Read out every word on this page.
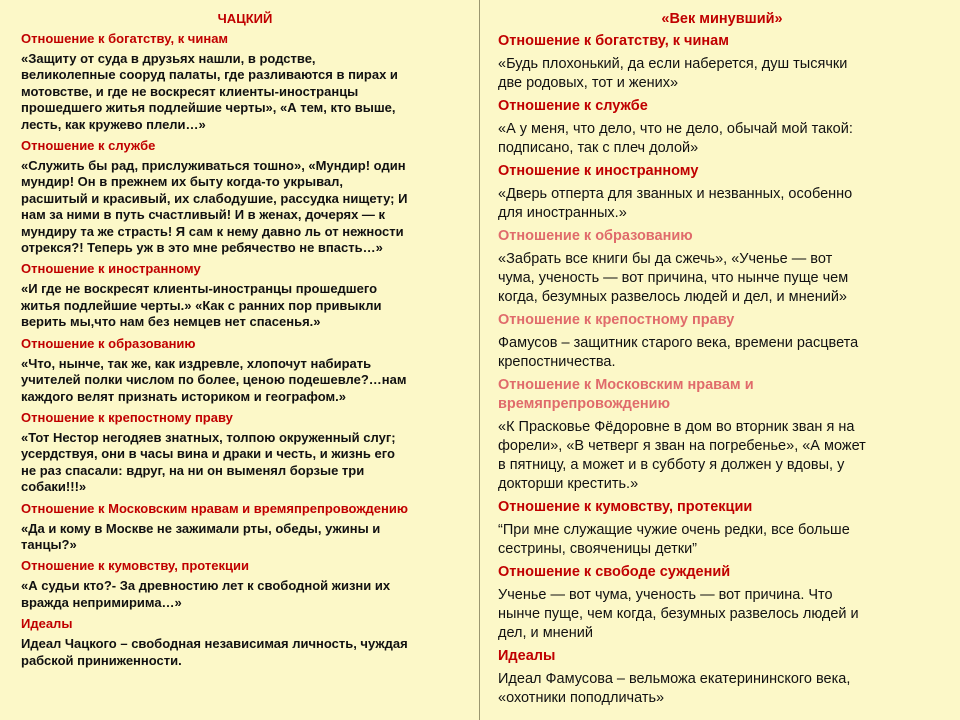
ЧАЦКИЙ
Отношение к богатству, к чинам
«Защиту от суда в друзьях нашли, в родстве,
великолепные сооруд палаты, где разливаются в пирах и
мотовстве, и где не воскресят клиенты-иностранцы
прошедшего житья подлейшие черты», «А тем, кто выше,
лесть, как кружево плели…»
Отношение к службе
«Служить бы рад, прислуживаться тошно», «Мундир! один
мундир! Он в прежнем их быту когда-то укрывал,
расшитый и красивый, их слабодушие, рассудка нищету; И
нам за ними в путь счастливый! И в женах, дочерях — к
мундиру та же страсть! Я сам к нему давно ль от нежности
отрекся?! Теперь уж в это мне ребячество не впасть…»
Отношение к иностранному
«И где не воскресят клиенты-иностранцы прошедшего
житья подлейшие черты.» «Как с ранних пор привыкли
верить мы,что нам без немцев нет спасенья.»
Отношение к образованию
«Что, нынче, так же, как издревле, хлопочут набирать
учителей полки числом по более, ценою подешевле?…нам
каждого велят признать историком и географом.»
Отношение к крепостному праву
«Тот Нестор негодяев знатных, толпою окруженный слуг;
усердствуя, они в часы вина и драки и честь, и жизнь его
не раз спасали: вдруг, на ни он выменял борзые три
собаки!!!»
Отношение к Московским нравам и времяпрепровождению
«Да и кому в Москве не зажимали рты, обеды, ужины и
танцы?»
Отношение к кумовству, протекции
«А судьи кто?- За древностию лет к свободной жизни их
вражда непримирима…»
Идеалы
Идеал Чацкого – свободная независимая личность, чуждая
рабской приниженности.
«Век минувший»
Отношение к богатству, к чинам
«Будь плохонький, да если наберется, душ тысячки
две родовых, тот и жених»
Отношение к службе
«А у меня, что дело, что не дело, обычай мой такой:
подписано, так с плеч долой»
Отношение к иностранному
«Дверь отперта для званных и незванных, особенно
для иностранных.»
Отношение к образованию
«Забрать все книги бы да сжечь», «Ученье — вот
чума, ученость — вот причина, что нынче пуще чем
когда, безумных развелось людей и дел, и мнений»
Отношение к крепостному праву
Фамусов – защитник старого века, времени расцвета
крепостничества.
Отношение к Московским нравам и
времяпрепровождению
«К Прасковье Фёдоровне в дом во вторник зван я на
форели», «В четверг я зван на погребенье», «А может
в пятницу, а может и в субботу я должен у вдовы, у
докторши крестить.»
Отношение к кумовству, протекции
“При мне служащие чужие очень редки, все больше
сестрины, свояченицы детки”
Отношение к свободе суждений
Ученье — вот чума, ученость — вот причина. Что
нынче пуще, чем когда, безумных развелось людей и
дел, и мнений
Идеалы
Идеал Фамусова – вельможа екатерининского века,
«охотники поподличать»
